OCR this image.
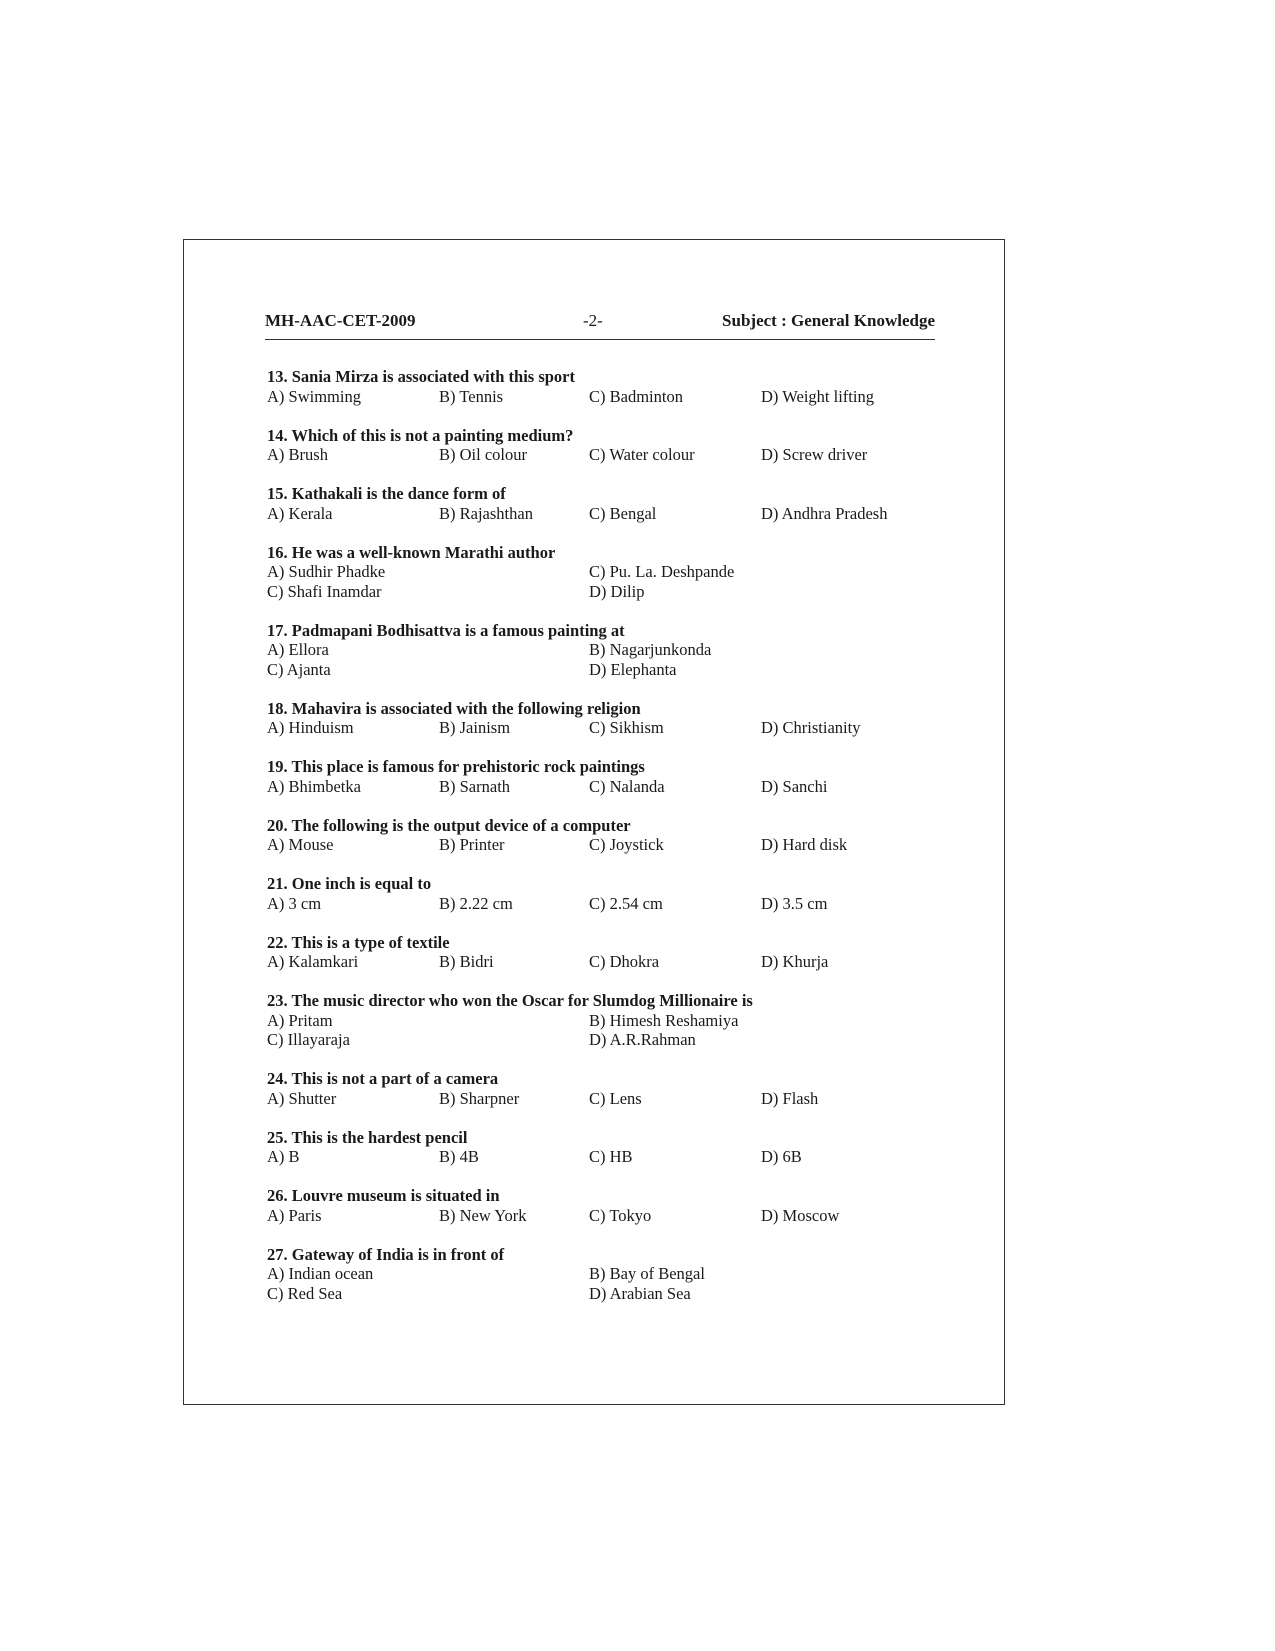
MH-AAC-CET-2009	-2-	Subject : General Knowledge
13. Sania Mirza is associated with this sport
A) Swimming	B) Tennis	C) Badminton	D) Weight lifting
14. Which of this is not a painting medium?
A) Brush	B) Oil colour	C) Water colour	D) Screw driver
15. Kathakali is the dance form of
A) Kerala	B) Rajashthan	C) Bengal	D) Andhra Pradesh
16. He was a well-known Marathi author
A) Sudhir Phadke	C) Pu. La. Deshpande
C) Shafi Inamdar	D) Dilip
17. Padmapani Bodhisattva is a famous painting at
A) Ellora	B) Nagarjunkonda
C) Ajanta	D) Elephanta
18. Mahavira is associated with the following religion
A) Hinduism	B) Jainism	C) Sikhism	D) Christianity
19. This place is famous for prehistoric rock paintings
A) Bhimbetka	B) Sarnath	C) Nalanda	D) Sanchi
20. The following is the output device of a computer
A) Mouse	B) Printer	C) Joystick	D) Hard disk
21. One inch is equal to
A) 3 cm	B) 2.22 cm	C) 2.54 cm	D) 3.5 cm
22. This is a type of textile
A) Kalamkari	B) Bidri	C) Dhokra	D) Khurja
23. The music director who won the Oscar for Slumdog Millionaire is
A) Pritam	B) Himesh Reshamiya
C) Illayaraja	D) A.R.Rahman
24. This is not a part of a camera
A) Shutter	B) Sharpner	C) Lens	D) Flash
25. This is the hardest pencil
A) B	B) 4B	C) HB	D) 6B
26. Louvre museum is situated in
A) Paris	B) New York	C) Tokyo	D) Moscow
27. Gateway of India is in front of
A) Indian ocean	B) Bay of Bengal
C) Red Sea	D) Arabian Sea
